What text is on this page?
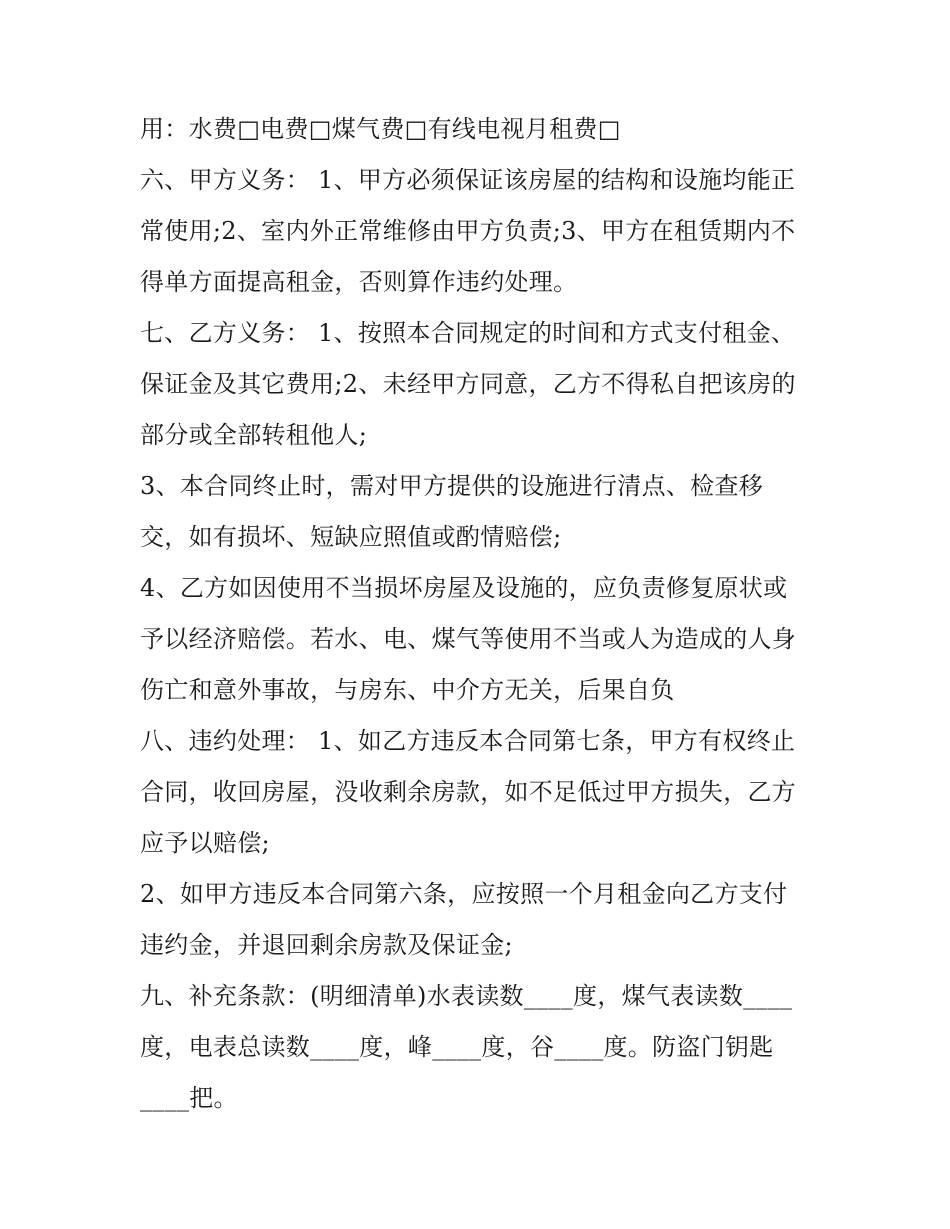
用：水费□电费□煤气费□有线电视月租费□
六、甲方义务： 1、甲方必须保证该房屋的结构和设施均能正
常使用;2、室内外正常维修由甲方负责;3、甲方在租赁期内不
得单方面提高租金，否则算作违约处理。
七、乙方义务： 1、按照本合同规定的时间和方式支付租金、
保证金及其它费用;2、未经甲方同意，乙方不得私自把该房的
部分或全部转租他人;
3、本合同终止时，需对甲方提供的设施进行清点、检查移
交，如有损坏、短缺应照值或酌情赔偿;
4、乙方如因使用不当损坏房屋及设施的，应负责修复原状或
予以经济赔偿。若水、电、煤气等使用不当或人为造成的人身
伤亡和意外事故，与房东、中介方无关，后果自负
八、违约处理： 1、如乙方违反本合同第七条，甲方有权终止
合同，收回房屋，没收剩余房款，如不足低过甲方损失，乙方
应予以赔偿;
2、如甲方违反本合同第六条，应按照一个月租金向乙方支付
违约金，并退回剩余房款及保证金;
九、补充条款：(明细清单)水表读数____度，煤气表读数____
度，电表总读数____度，峰____度，谷____度。防盗门钥匙
____把。
